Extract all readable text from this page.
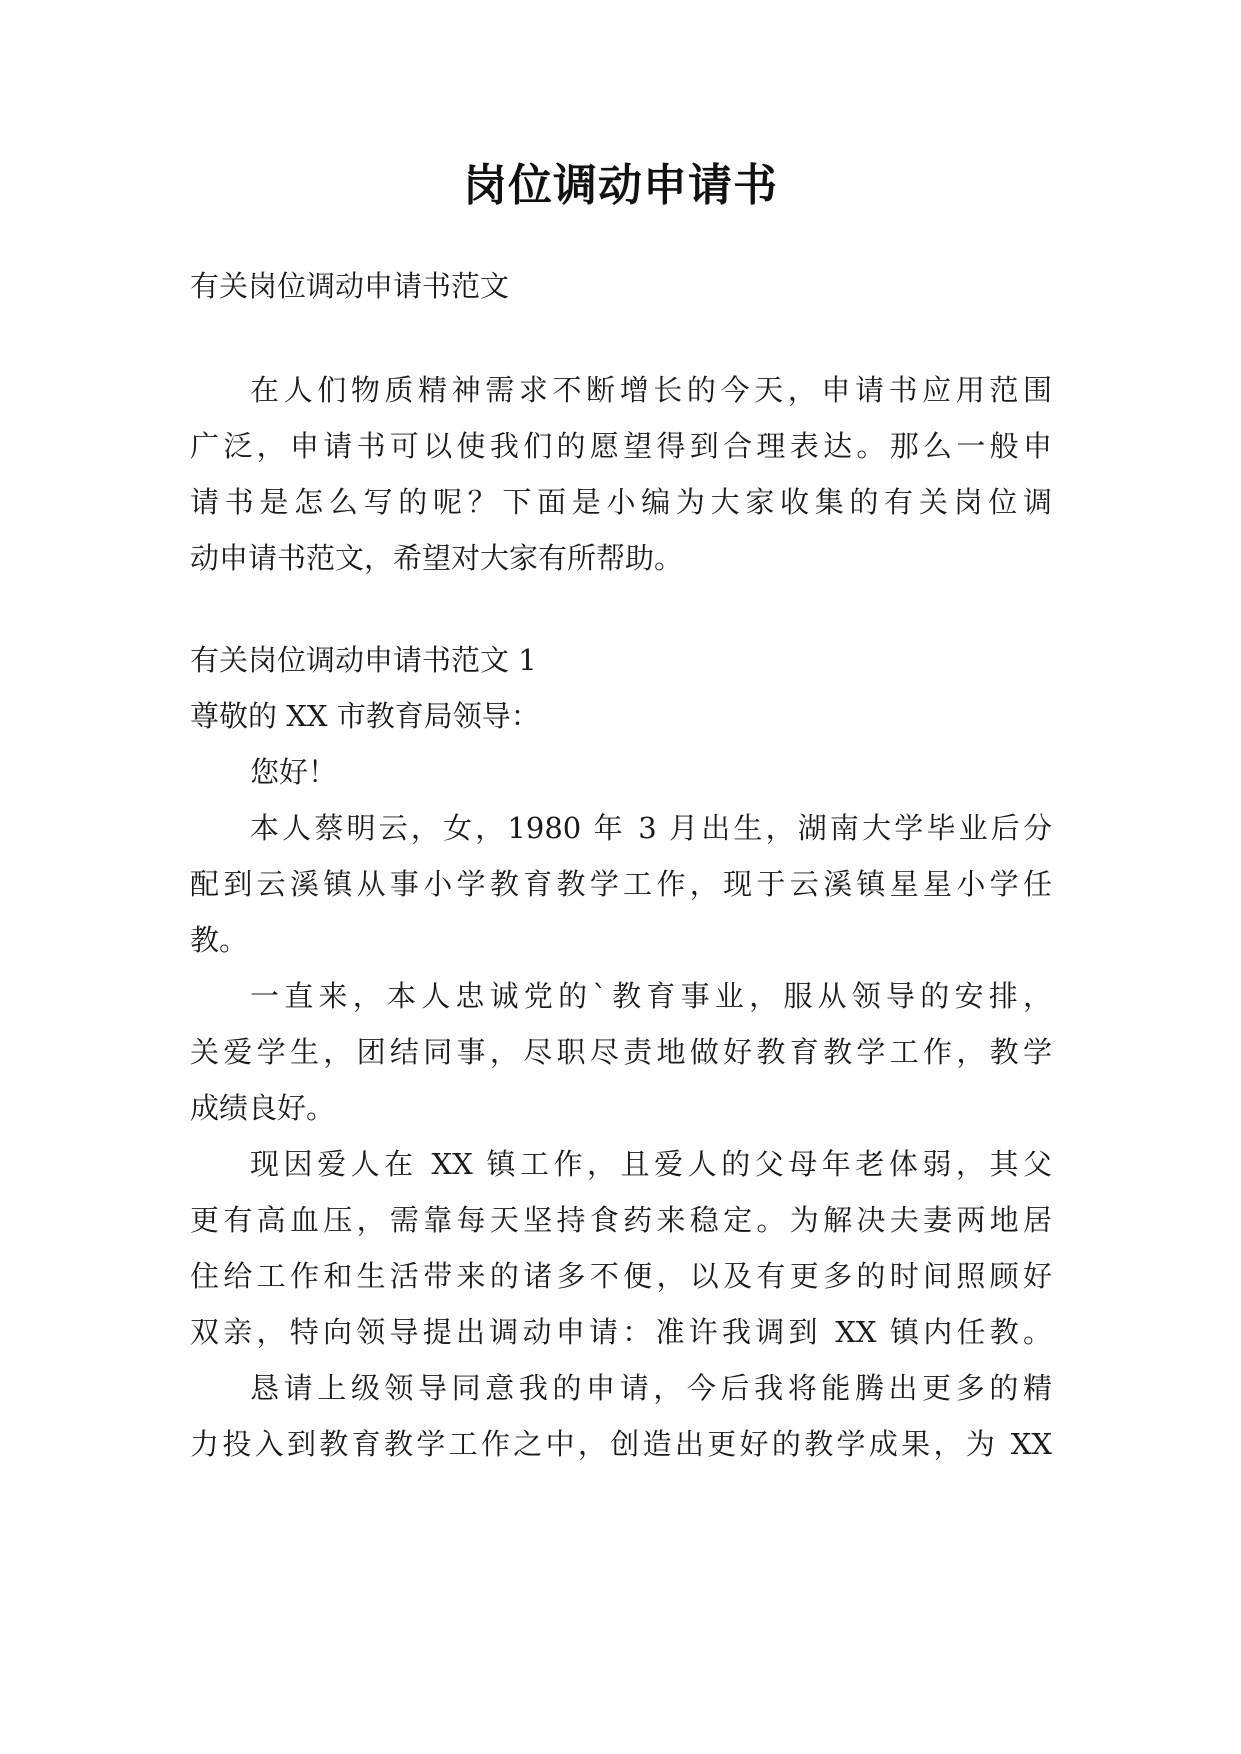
岗位调动申请书

有关岗位调动申请书范文

在人们物质精神需求不断增长的今天，申请书应用范围

广泛，申请书可以使我们的愿望得到合理表达。那么一般申

请书是怎么写的呢？下面是小编为大家收集的有关岗位调

动申请书范文，希望对大家有所帮助。

有关岗位调动申请书范文 1

尊敬的 XX 市教育局领导：

您好！

本人蔡明云，女，1980 年 3 月出生，湖南大学毕业后分

配到云溪镇从事小学教育教学工作，现于云溪镇星星小学任

教。

一直来，本人忠诚党的`教育事业，服从领导的安排，

关爱学生，团结同事，尽职尽责地做好教育教学工作，教学

成绩良好。

现因爱人在 XX 镇工作，且爱人的父母年老体弱，其父

更有高血压，需靠每天坚持食药来稳定。为解决夫妻两地居

住给工作和生活带来的诸多不便，以及有更多的时间照顾好

双亲，特向领导提出调动申请：准许我调到 XX 镇内任教。

恳请上级领导同意我的申请，今后我将能腾出更多的精

力投入到教育教学工作之中，创造出更好的教学成果，为 XX
